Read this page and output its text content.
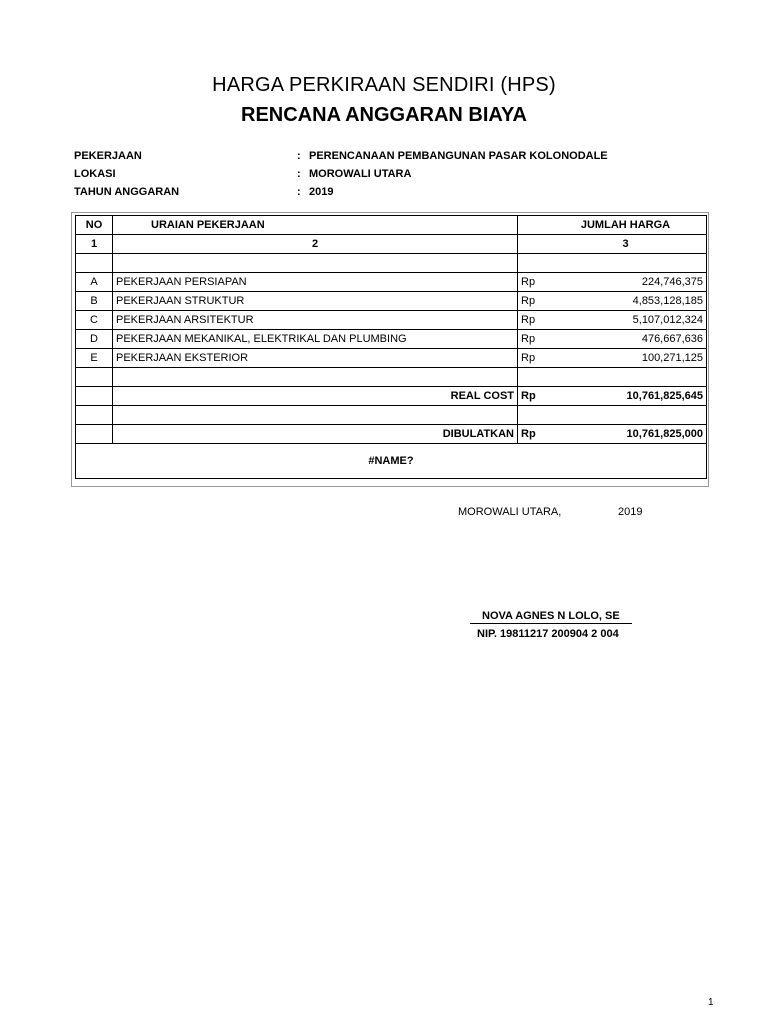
HARGA PERKIRAAN SENDIRI (HPS)
RENCANA ANGGARAN BIAYA
PEKERJAAN	: PERENCANAAN PEMBANGUNAN PASAR KOLONODALE
LOKASI	: MOROWALI UTARA
TAHUN ANGGARAN	: 2019
NO	URAIAN PEKERJAAN	JUMLAH HARGA	
1	2	3	

A	PEKERJAAN PERSIAPAN	Rp	224,746,375
B	PEKERJAAN STRUKTUR	Rp	4,853,128,185
C	PEKERJAAN ARSITEKTUR	Rp	5,107,012,324
D	PEKERJAAN MEKANIKAL, ELEKTRIKAL DAN PLUMBING	Rp	476,667,636
E	PEKERJAAN EKSTERIOR	Rp	100,271,125

	REAL COST	Rp	10,761,825,645

	DIBULATKAN	Rp	10,761,825,000
#NAME?			
MOROWALI UTARA,	2019
NOVA AGNES N LOLO, SE
NIP. 19811217 200904 2 004
1
